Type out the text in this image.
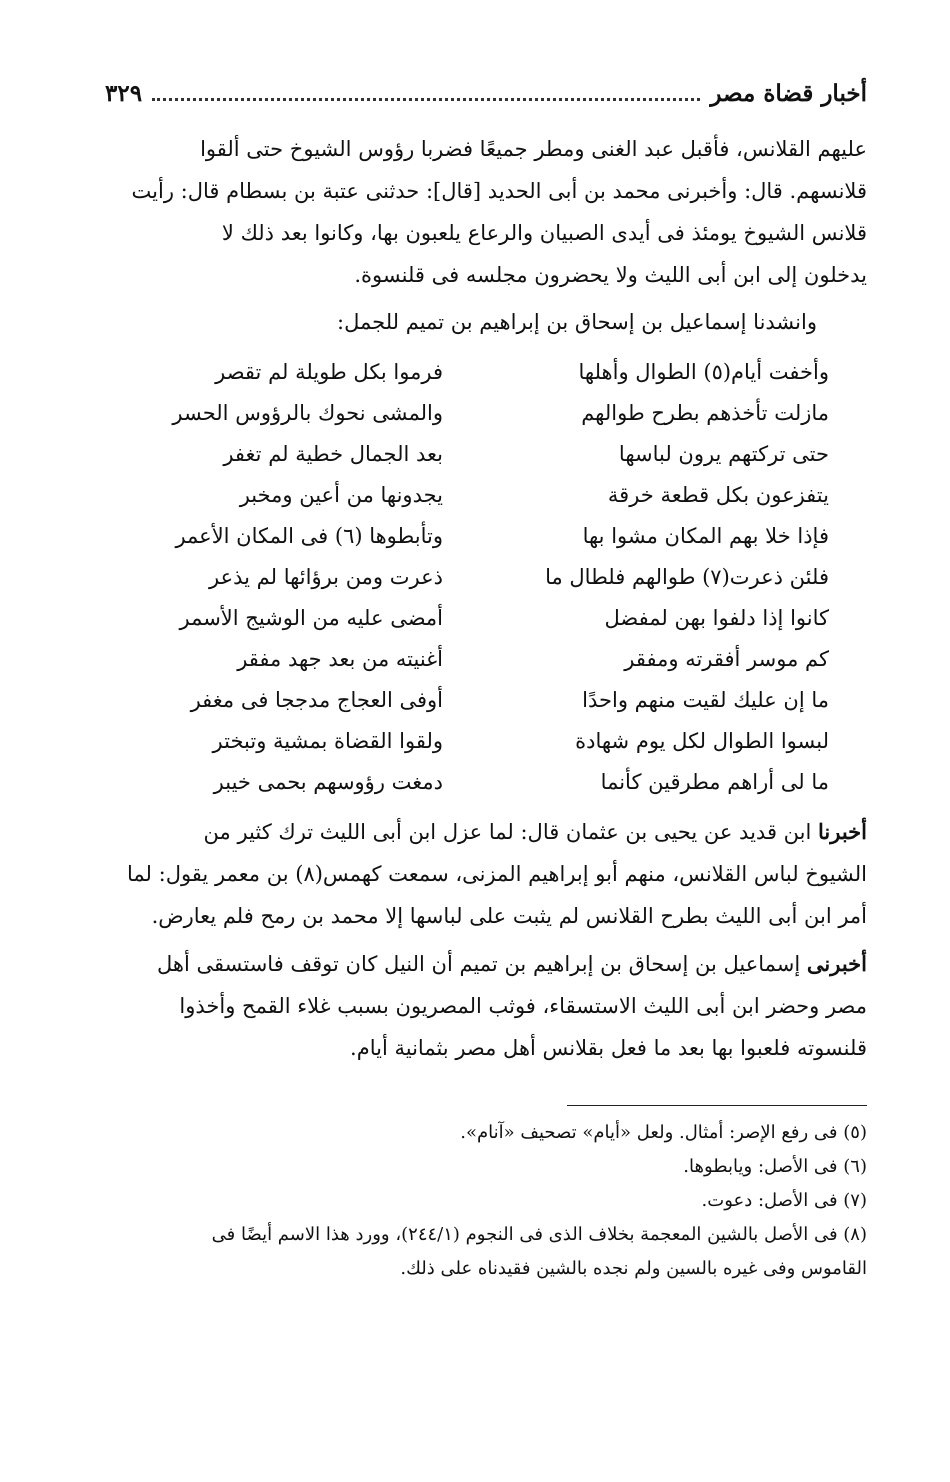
أخبار قضاة مصر
٣٢٩

عليهم القلانس، فأقبل عبد الغنى ومطر جميعًا فضربا رؤوس الشيوخ حتى ألقوا

قلانسهم. قال: وأخبرنى محمد بن أبى الحديد [قال]: حدثنى عتبة بن بسطام قال: رأيت

قلانس الشيوخ يومئذ فى أيدى الصبيان والرعاع يلعبون بها، وكانوا بعد ذلك لا

يدخلون إلى ابن أبى الليث ولا يحضرون مجلسه فى قلنسوة.

وانشدنا إسماعيل بن إسحاق بن إبراهيم بن تميم للجمل:
وأخفت أيام(٥) الطوال وأهلها
فرموا بكل طويلة لم تقصر
مازلت تأخذهم بطرح طوالهم
والمشى نحوك بالرؤوس الحسر
حتى تركتهم يرون لباسها
بعد الجمال خطية لم تغفر
يتفزعون بكل قطعة خرقة
يجدونها من أعين ومخبر
فإذا خلا بهم المكان مشوا بها
وتأبطوها (٦) فى المكان الأعمر
فلئن ذعرت(٧) طوالهم فلطال ما
ذعرت ومن برؤائها لم يذعر
كانوا إذا دلفوا بهن لمفضل
أمضى عليه من الوشيج الأسمر
كم موسر أفقرته ومفقر
أغنيته من بعد جهد مفقر
ما إن عليك لقيت منهم واحدًا
أوفى العجاج مدججا فى مغفر
لبسوا الطوال لكل يوم شهادة
ولقوا القضاة بمشية وتبختر
ما لى أراهم مطرقين كأنما
دمغت رؤوسهم بحمى خيبر

أخبرنا ابن قديد عن يحيى بن عثمان قال: لما عزل ابن أبى الليث ترك كثير من

الشيوخ لباس القلانس، منهم أبو إبراهيم المزنى، سمعت كهمس(٨) بن معمر يقول: لما

أمر ابن أبى الليث بطرح القلانس لم يثبت على لباسها إلا محمد بن رمح فلم يعارض.

أخبرنى إسماعيل بن إسحاق بن إبراهيم بن تميم أن النيل كان توقف فاستسقى أهل

مصر وحضر ابن أبى الليث الاستسقاء، فوثب المصريون بسبب غلاء القمح وأخذوا

قلنسوته فلعبوا بها بعد ما فعل بقلانس أهل مصر بثمانية أيام.

(٥) فى رفع الإصر: أمثال. ولعل «أيام» تصحيف «آنام».

(٦) فى الأصل: ويابطوها.

(٧) فى الأصل: دعوت.

(٨) فى الأصل بالشين المعجمة بخلاف الذى فى النجوم (٢٤٤/١)، وورد هذا الاسم أيضًا فى

القاموس وفى غيره بالسين ولم نجده بالشين فقيدناه على ذلك.
